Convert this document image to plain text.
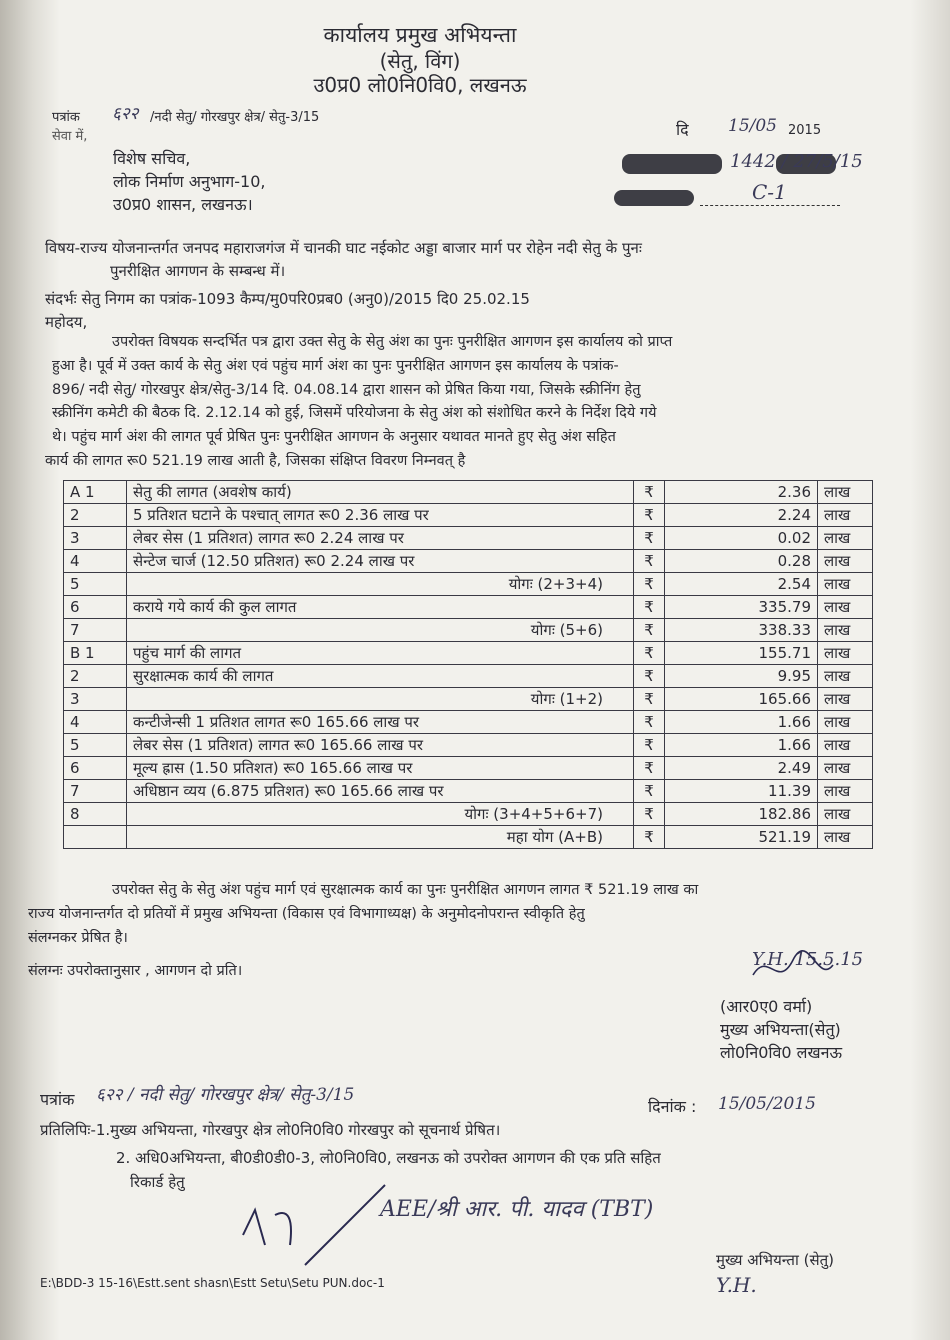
कार्यालय प्रमुख अभियन्ता
(सेतु, विंग)
उ0प्र0 लो0नि0वि0, लखनऊ
पत्रांक ६२२ /नदी सेतु/ गोरखपुर क्षेत्र/ सेतु-3/15
सेवा में,	दि 15/05 2015
1442 / 27/5/15
C-1
विशेष सचिव,
लोक निर्माण अनुभाग-10,
उ0प्र0 शासन, लखनऊ।
विषय-राज्य योजनान्तर्गत जनपद महाराजगंज में चानकी घाट नईकोट अड्डा बाजार मार्ग पर रोहेन नदी सेतु के पुनः
पुनरीक्षित आगणन के सम्बन्ध में।
संदर्भः सेतु निगम का पत्रांक-1093 कैम्प/मु0परि0प्रब0 (अनु0)/2015 दि0 25.02.15
महोदय,
उपरोक्त विषयक सन्दर्भित पत्र द्वारा उक्त सेतु के सेतु अंश का पुनः पुनरीक्षित आगणन इस कार्यालय को प्राप्त
हुआ है। पूर्व में उक्त कार्य के सेतु अंश एवं पहुंच मार्ग अंश का पुनः पुनरीक्षित आगणन इस कार्यालय के पत्रांक-
896/ नदी सेतु/ गोरखपुर क्षेत्र/सेतु-3/14 दि. 04.08.14 द्वारा शासन को प्रेषित किया गया, जिसके स्क्रीनिंग हेतु
स्क्रीनिंग कमेटी की बैठक दि. 2.12.14 को हुई, जिसमें परियोजना के सेतु अंश को संशोधित करने के निर्देश दिये गये
थे। पहुंच मार्ग अंश की लागत पूर्व प्रेषित पुनः पुनरीक्षित आगणन के अनुसार यथावत मानते हुए सेतु अंश सहित
कार्य की लागत रू0 521.19 लाख आती है, जिसका संक्षिप्त विवरण निम्नवत् है
A 1	सेतु की लागत (अवशेष कार्य)	₹	2.36	लाख
2	5 प्रतिशत घटाने के पश्चात् लागत रू0 2.36 लाख पर	₹	2.24	लाख
3	लेबर सेस (1 प्रतिशत) लागत रू0 2.24 लाख पर	₹	0.02	लाख
4	सेन्टेज चार्ज (12.50 प्रतिशत) रू0 2.24 लाख पर	₹	0.28	लाख
5	योगः (2+3+4)	₹	2.54	लाख
6	कराये गये कार्य की कुल लागत	₹	335.79	लाख
7	योगः (5+6)	₹	338.33	लाख
B 1	पहुंच मार्ग की लागत	₹	155.71	लाख
2	सुरक्षात्मक कार्य की लागत	₹	9.95	लाख
3	योगः (1+2)	₹	165.66	लाख
4	कन्टीजेन्सी 1 प्रतिशत लागत रू0 165.66 लाख पर	₹	1.66	लाख
5	लेबर सेस (1 प्रतिशत) लागत रू0 165.66 लाख पर	₹	1.66	लाख
6	मूल्य ह्रास (1.50 प्रतिशत) रू0 165.66 लाख पर	₹	2.49	लाख
7	अधिष्ठान व्यय (6.875 प्रतिशत) रू0 165.66 लाख पर	₹	11.39	लाख
8	योगः (3+4+5+6+7)	₹	182.86	लाख
	महा योग (A+B)	₹	521.19	लाख
उपरोक्त सेतु के सेतु अंश पहुंच मार्ग एवं सुरक्षात्मक कार्य का पुनः पुनरीक्षित आगणन लागत ₹ 521.19 लाख का
राज्य योजनान्तर्गत दो प्रतियों में प्रमुख अभियन्ता (विकास एवं विभागाध्यक्ष) के अनुमोदनोपरान्त स्वीकृति हेतु
संलग्नकर प्रेषित है।
संलग्नः उपरोक्तानुसार , आगणन दो प्रति।
Y.H. 15.5.15
(आर0ए0 वर्मा)
मुख्य अभियन्ता(सेतु)
लो0नि0वि0 लखनऊ
पत्रांक ६२२ / नदी सेतु/ गोरखपुर क्षेत्र/ सेतु-3/15
दिनांक : 15/05/2015
प्रतिलिपिः-1.मुख्य अभियन्ता, गोरखपुर क्षेत्र लो0नि0वि0 गोरखपुर को सूचनार्थ प्रेषित।
2. अधि0अभियन्ता, बी0डी0डी0-3, लो0नि0वि0, लखनऊ को उपरोक्त आगणन की एक प्रति सहित
रिकार्ड हेतु
AEE/श्री आर. पी. यादव (TBT)
मुख्य अभियन्ता (सेतु)
Y.H.
E:\BDD-3 15-16\Estt.sent shasn\Estt Setu\Setu PUN.doc-1
